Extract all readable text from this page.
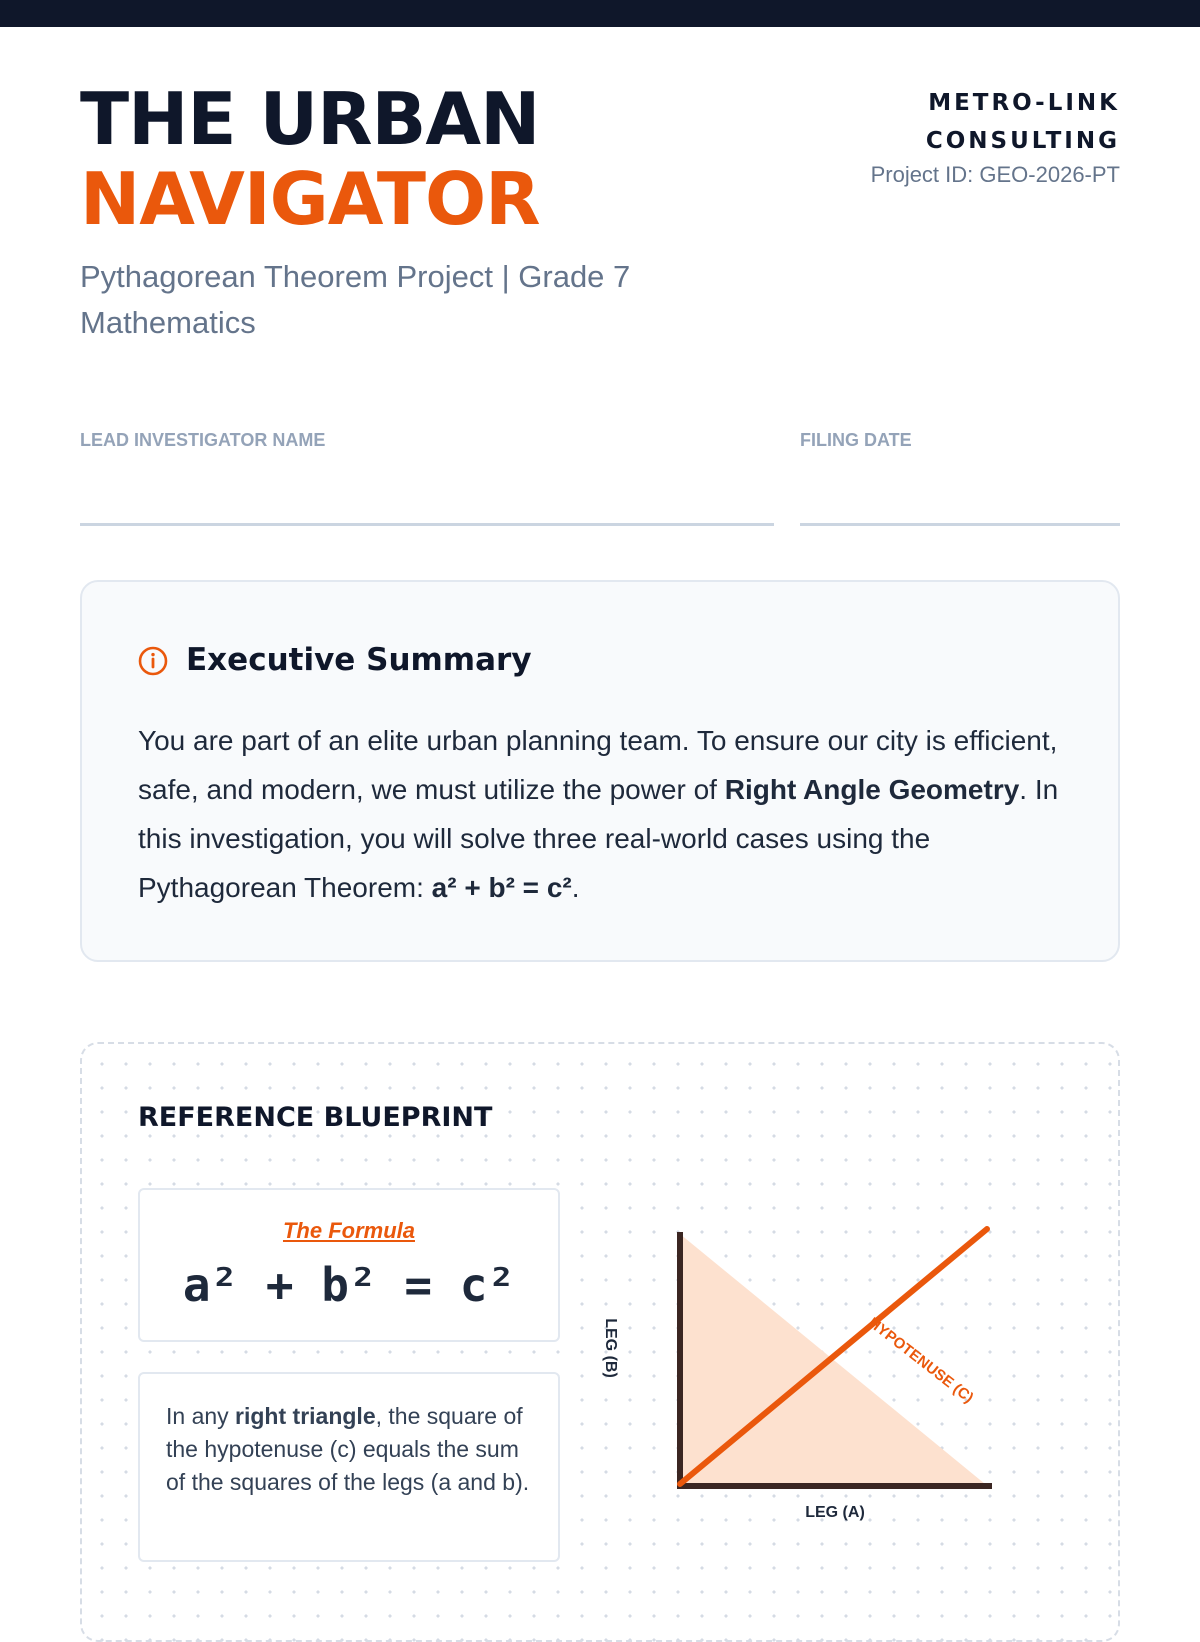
THE URBAN
NAVIGATOR

Pythagorean Theorem Project | Grade 7 Mathematics

METRO-LINK
CONSULTING
Project ID: GEO-2026-PT
LEAD INVESTIGATOR NAME	FILING DATE
Executive Summary

You are part of an elite urban planning team. To ensure our city is efficient, safe, and modern, we must utilize the power of Right Angle Geometry. In this investigation, you will solve three real-world cases using the Pythagorean Theorem: a² + b² = c².

REFERENCE BLUEPRINT
The Formula
a² + b² = c²

In any right triangle, the square of the hypotenuse (c) equals the sum of the squares of the legs (a and b).

LEG (A)
LEG (B)	HYPOTENUSE (C)
